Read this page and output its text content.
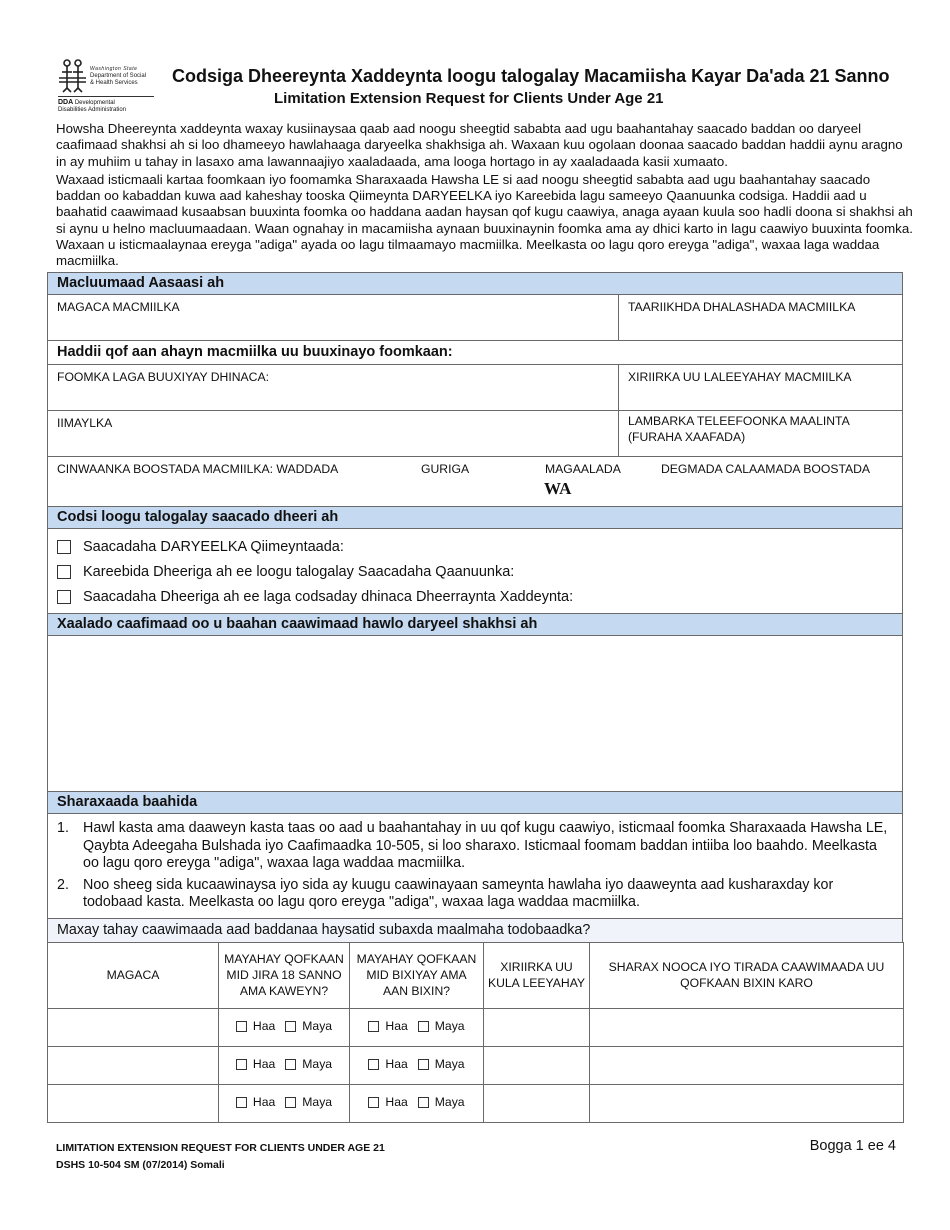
Washington State
Department of Social
& Health Services
DDA Developmental
Disabilities Administration
Codsiga Dheereynta Xaddeynta loogu talogalay Macamiisha Kayar Da'ada 21 Sanno
Limitation Extension Request for Clients Under Age 21

Howsha Dheereynta xaddeynta waxay kusiinaysaa qaab aad noogu sheegtid sababta aad ugu baahantahay saacado baddan oo daryeel caafimaad shakhsi ah si loo dhameeyo hawlahaaga daryeelka shakhsiga ah. Waxaan kuu ogolaan doonaa saacado baddan haddii aynu aragno in ay muhiim u tahay in lasaxo ama lawannaajiyo xaaladaada, ama looga hortago in ay xaaladaada kasii xumaato.

Waxaad isticmaali kartaa foomkaan iyo foomamka Sharaxaada Hawsha LE si aad noogu sheegtid sababta aad ugu baahantahay saacado baddan oo kabaddan kuwa aad kaheshay tooska Qiimeynta DARYEELKA iyo Kareebida lagu sameeyo Qaanuunka codsiga. Haddii aad u baahatid caawimaad kusaabsan buuxinta foomka oo haddana aadan haysan qof kugu caawiya, anaga ayaan kuula soo hadli doona si shakhsi ah si aynu u helno macluumaadaan. Waan ognahay in macamiisha aynaan buuxinaynin foomka ama ay dhici karto in lagu caawiyo buuxinta foomka. Waxaan u isticmaalaynaa ereyga "adiga" ayada oo lagu tilmaamayo macmiilka. Meelkasta oo lagu qoro ereyga "adiga", waxaa laga waddaa macmiilka.

Macluumaad Aasaasi ah
MAGACA MACMIILKA	TAARIIKHDA DHALASHADA MACMIILKA
Haddii qof aan ahayn macmiilka uu buuxinayo foomkaan:
FOOMKA LAGA BUUXIYAY DHINACA:	XIRIIRKA UU LALEEYAHAY MACMIILKA
IIMAYLKA	LAMBARKA TELEEFOONKA MAALINTA
(FURAHA XAAFADA)
CINWAANKA BOOSTADA MACMIILKA: WADDADA	GURIGA	MAGAALADA	DEGMADA CALAAMADA BOOSTADA
WA
Codsi loogu talogalay saacado dheeri ah
Saacadaha DARYEELKA Qiimeyntaada:
Kareebida Dheeriga ah ee loogu talogalay Saacadaha Qaanuunka:
Saacadaha Dheeriga ah ee laga codsaday dhinaca Dheerraynta Xaddeynta:
Xaalado caafimaad oo u baahan caawimaad hawlo daryeel shakhsi ah
Sharaxaada baahida
1. Hawl kasta ama daaweyn kasta taas oo aad u baahantahay in uu qof kugu caawiyo, isticmaal foomka Sharaxaada Hawsha LE, Qaybta Adeegaha Bulshada iyo Caafimaadka 10-505, si loo sharaxo. Isticmaal foomam baddan intiiba loo baahdo. Meelkasta oo lagu qoro ereyga "adiga", waxaa laga waddaa macmiilka.
2. Noo sheeg sida kucaawinaysa iyo sida ay kuugu caawinayaan sameynta hawlaha iyo daaweynta aad kusharaxday kor todobaad kasta. Meelkasta oo lagu qoro ereyga "adiga", waxaa laga waddaa macmiilka.
Maxay tahay caawimaada aad baddanaa haysatid subaxda maalmaha todobaadka?
MAGACA	MAYAHAY QOFKAAN MID JIRA 18 SANNO AMA KAWEYN?	MAYAHAY QOFKAAN MID BIXIYAY AMA AAN BIXIN?	XIRIIRKA UU KULA LEEYAHAY	SHARAX NOOCA IYO TIRADA CAAWIMAADA UU QOFKAAN BIXIN KARO

	Haa Maya	Haa Maya		

	Haa Maya	Haa Maya		

	Haa Maya	Haa Maya		

LIMITATION EXTENSION REQUEST FOR CLIENTS UNDER AGE 21
DSHS 10-504 SM (07/2014) Somali
Bogga 1 ee 4
